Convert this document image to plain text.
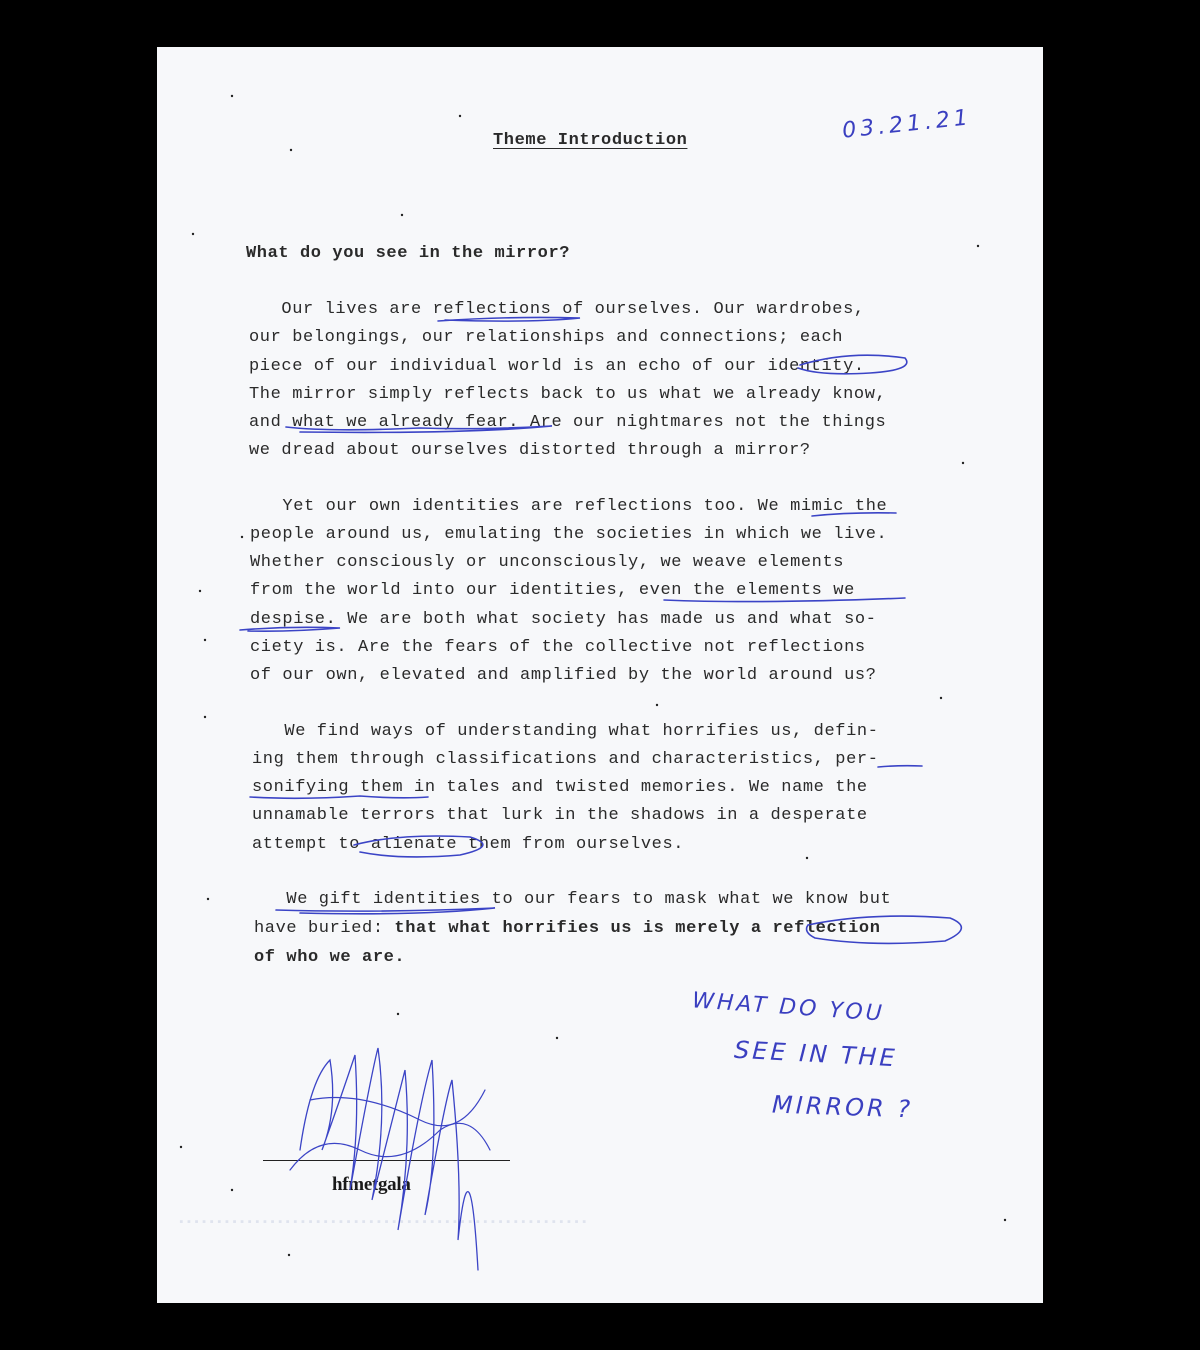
Theme Introduction	03.21.21
What do you see in the mirror?
Our lives are reflections of ourselves. Our wardrobes,
our belongings, our relationships and connections; each
piece of our individual world is an echo of our identity.
The mirror simply reflects back to us what we already know,
and what we already fear. Are our nightmares not the things
we dread about ourselves distorted through a mirror?
Yet our own identities are reflections too. We mimic the
people around us, emulating the societies in which we live.
Whether consciously or unconsciously, we weave elements
from the world into our identities, even the elements we
despise. We are both what society has made us and what so-
ciety is. Are the fears of the collective not reflections
of our own, elevated and amplified by the world around us?
We find ways of understanding what horrifies us, defin-
ing them through classifications and characteristics, per-
sonifying them in tales and twisted memories. We name the
unnamable terrors that lurk in the shadows in a desperate
attempt to alienate them from ourselves.
We gift identities to our fears to mask what we know but
have buried: that what horrifies us is merely a reflection
of who we are.
WHAT DO YOU
SEE IN THE
MIRROR ?
hfmetgala
▪▪▪▪▪▪▪▪▪▪▪▪▪▪▪▪▪▪▪▪▪▪▪▪▪▪▪▪▪▪▪▪▪▪▪▪▪▪▪▪▪▪▪▪▪▪▪▪▪▪▪▪▪▪
